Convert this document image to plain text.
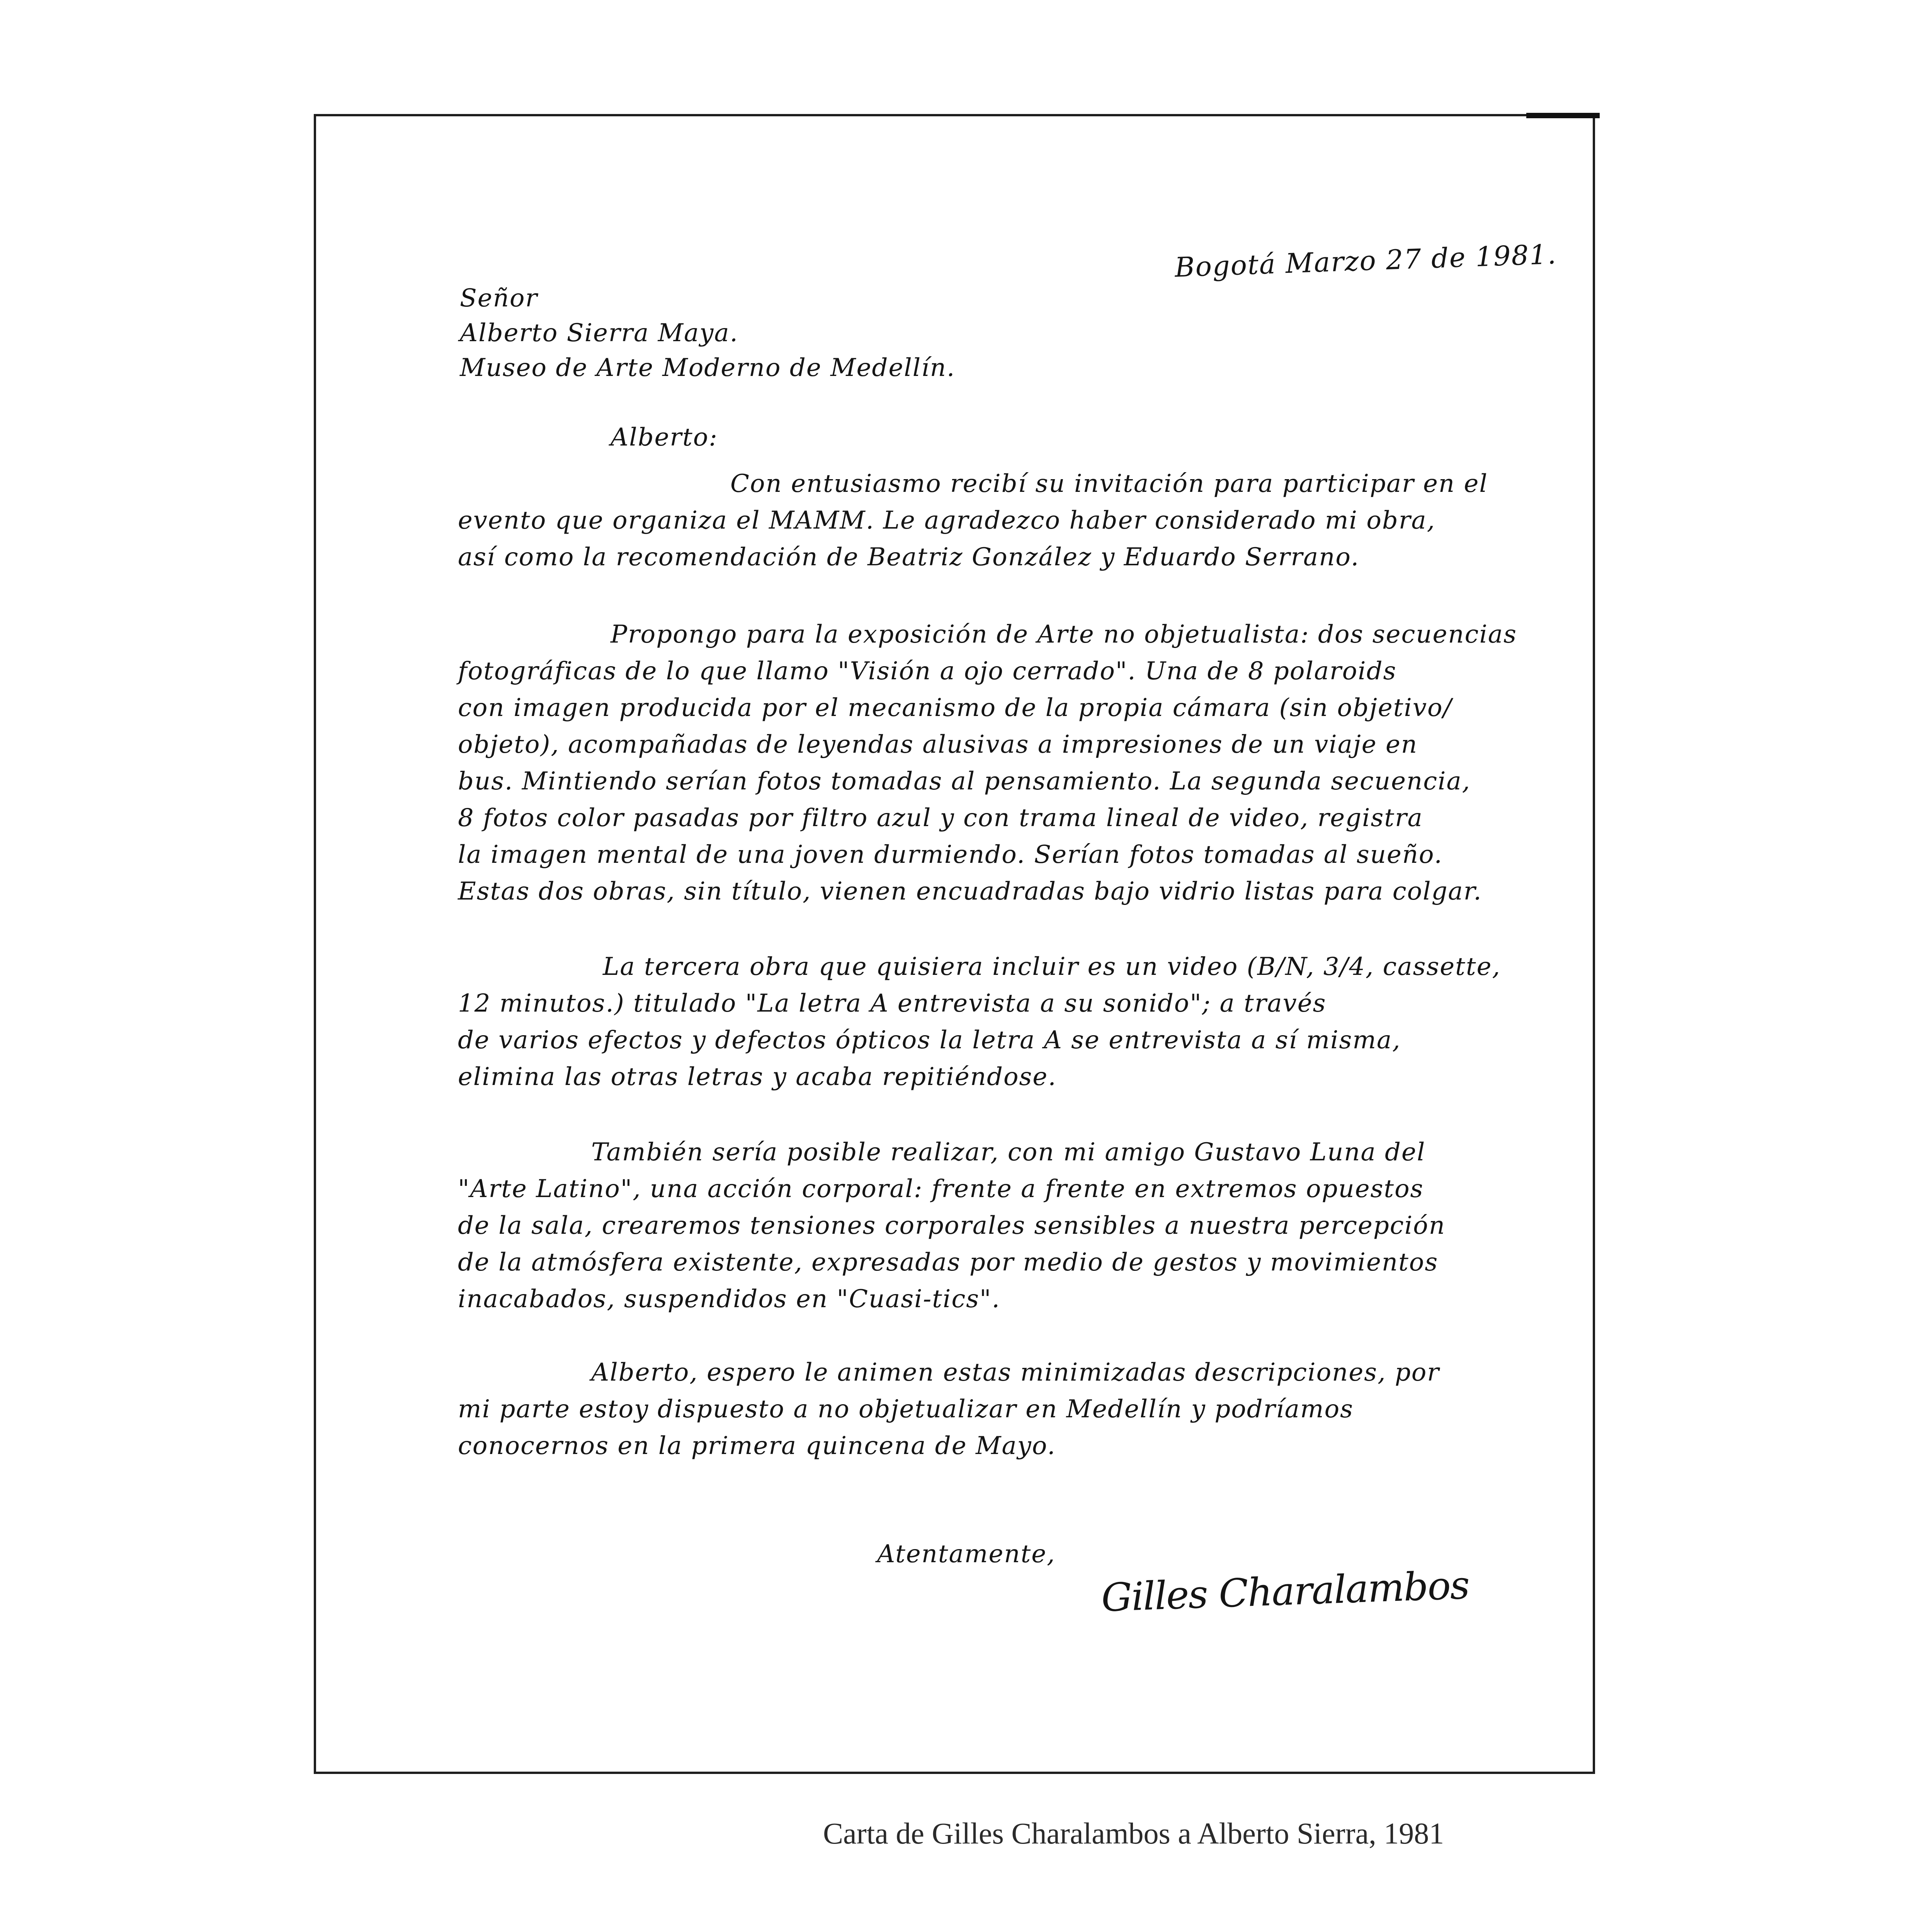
Bogotá Marzo 27 de 1981.
Señor
Alberto Sierra Maya.
Museo de Arte Moderno de Medellín.
Alberto:
Con entusiasmo recibí su invitación para participar en el
evento que organiza el MAMM. Le agradezco haber considerado mi obra,
así como la recomendación de Beatriz González y Eduardo Serrano.
Propongo para la exposición de Arte no objetualista: dos secuencias
fotográficas de lo que llamo "Visión a ojo cerrado". Una de 8 polaroids
con imagen producida por el mecanismo de la propia cámara (sin objetivo/
objeto), acompañadas de leyendas alusivas a impresiones de un viaje en
bus. Mintiendo serían fotos tomadas al pensamiento. La segunda secuencia,
8 fotos color pasadas por filtro azul y con trama lineal de video, registra
la imagen mental de una joven durmiendo. Serían fotos tomadas al sueño.
Estas dos obras, sin título, vienen encuadradas bajo vidrio listas para colgar.
La tercera obra que quisiera incluir es un video (B/N, 3/4, cassette,
12 minutos.) titulado "La letra A entrevista a su sonido"; a través
de varios efectos y defectos ópticos la letra A se entrevista a sí misma,
elimina las otras letras y acaba repitiéndose.
También sería posible realizar, con mi amigo Gustavo Luna del
"Arte Latino", una acción corporal: frente a frente en extremos opuestos
de la sala, crearemos tensiones corporales sensibles a nuestra percepción
de la atmósfera existente, expresadas por medio de gestos y movimientos
inacabados, suspendidos en "Cuasi-tics".
Alberto, espero le animen estas minimizadas descripciones, por
mi parte estoy dispuesto a no objetualizar en Medellín y podríamos
conocernos en la primera quincena de Mayo.
Atentamente,
Gilles Charalambos
Carta de Gilles Charalambos a Alberto Sierra, 1981
